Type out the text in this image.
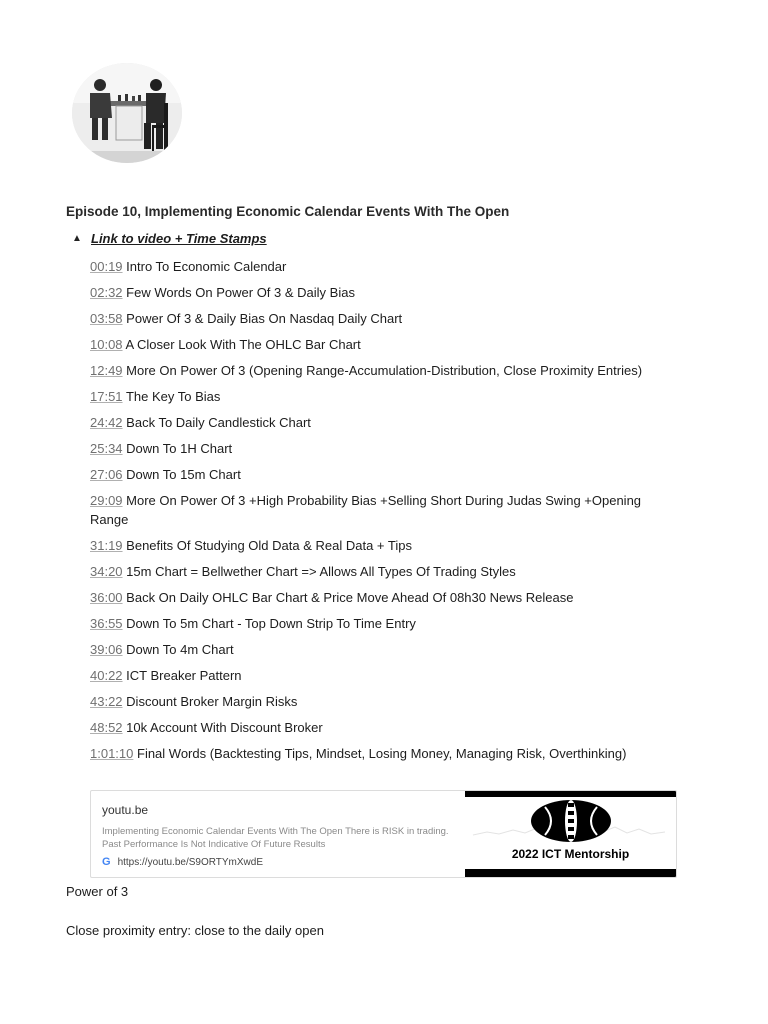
Episode 10, Implementing Economic Calendar Events With The Open
▲ Link to video + Time Stamps
00:19 Intro To Economic Calendar
02:32 Few Words On Power Of 3 & Daily Bias
03:58 Power Of 3 & Daily Bias On Nasdaq Daily Chart
10:08 A Closer Look With The OHLC Bar Chart
12:49 More On Power Of 3 (Opening Range-Accumulation-Distribution, Close Proximity Entries)
17:51 The Key To Bias
24:42 Back To Daily Candlestick Chart
25:34 Down To 1H Chart
27:06 Down To 15m Chart
29:09 More On Power Of 3 +High Probability Bias +Selling Short During Judas Swing +Opening Range
31:19 Benefits Of Studying Old Data & Real Data + Tips
34:20 15m Chart = Bellwether Chart => Allows All Types Of Trading Styles
36:00 Back On Daily OHLC Bar Chart & Price Move Ahead Of 08h30 News Release
36:55 Down To 5m Chart - Top Down Strip To Time Entry
39:06 Down To 4m Chart
40:22 ICT Breaker Pattern
43:22 Discount Broker Margin Risks
48:52 10k Account With Discount Broker
1:01:10 Final Words (Backtesting Tips, Mindset, Losing Money, Managing Risk, Overthinking)
youtu.be
Implementing Economic Calendar Events With The Open There is RISK in trading. Past Performance Is Not Indicative Of Future Results
G https://youtu.be/S9ORTYmXwdE
2022 ICT Mentorship
Power of 3
Close proximity entry: close to the daily open
